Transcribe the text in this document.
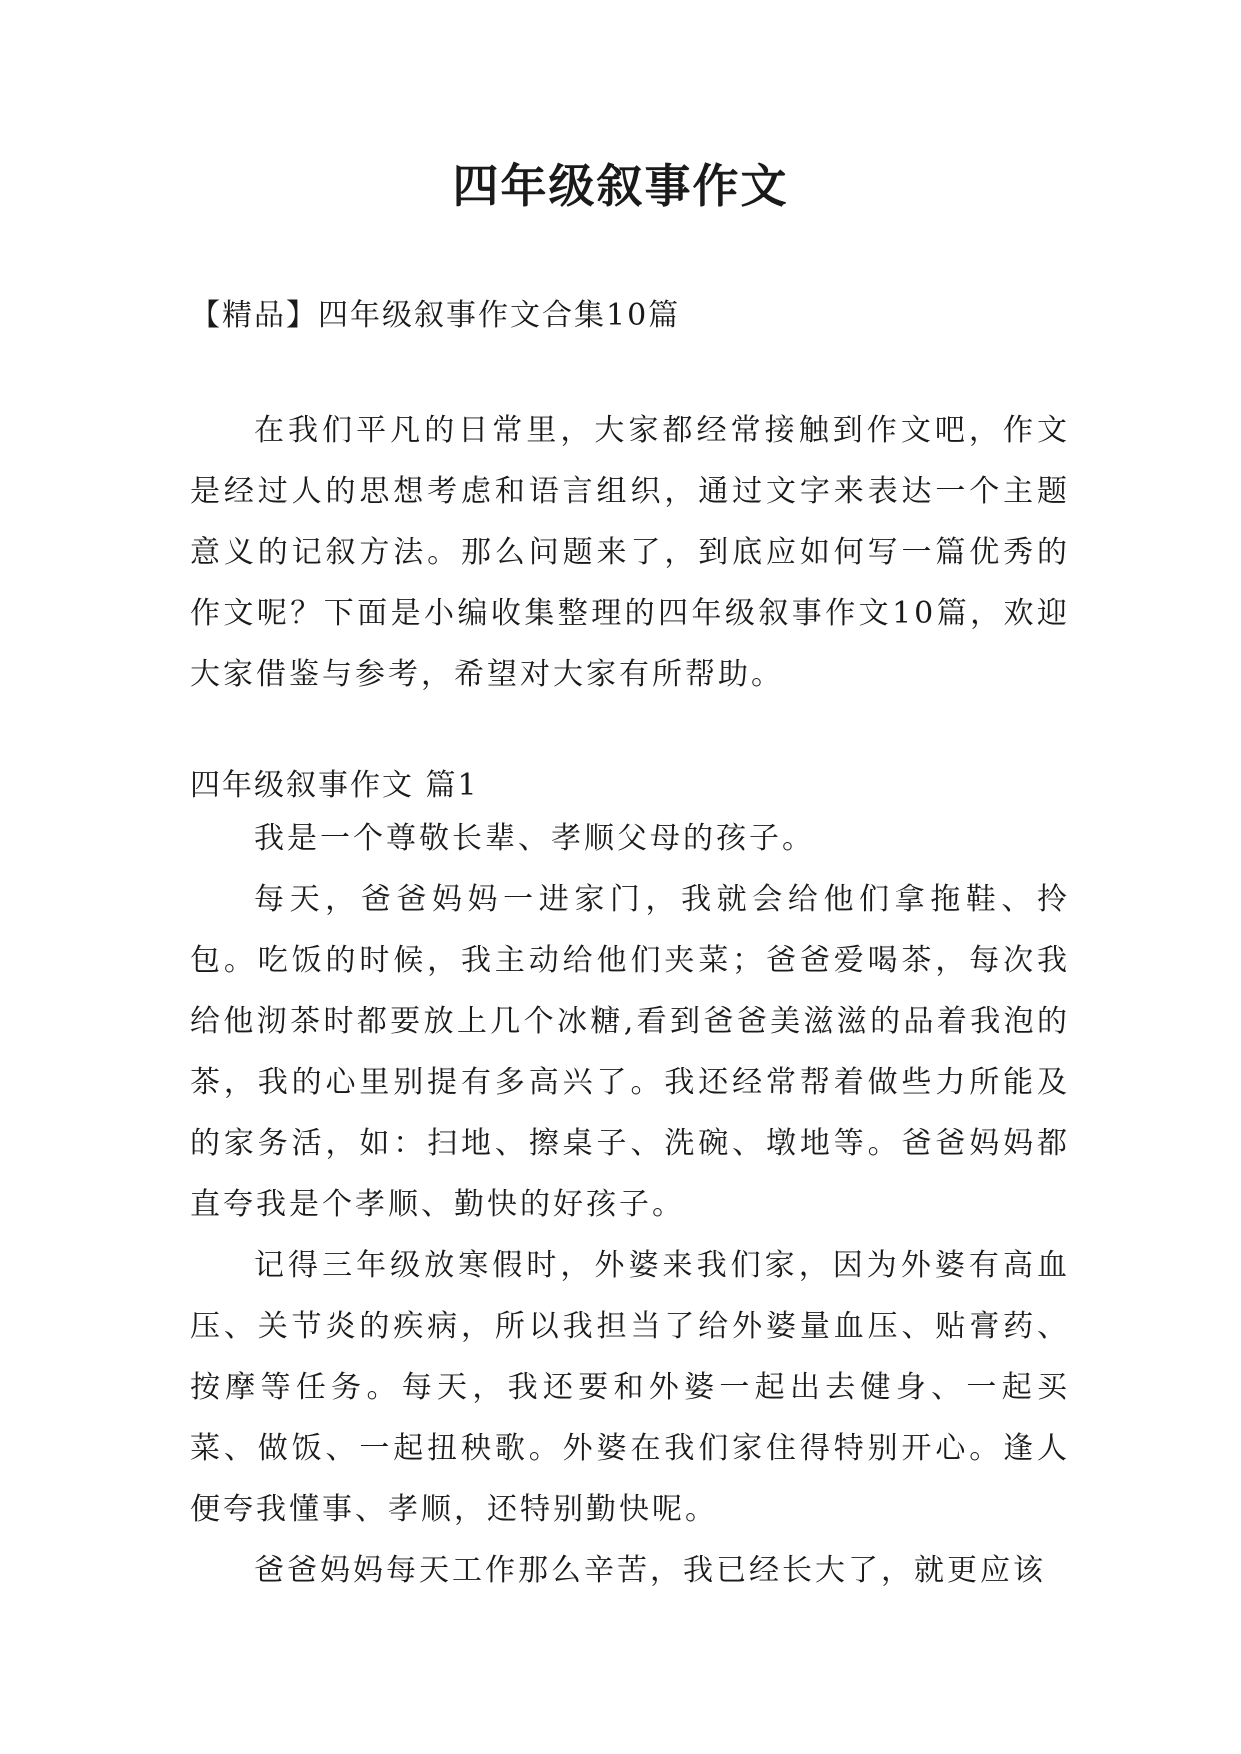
四年级叙事作文

【精品】四年级叙事作文合集10篇

在我们平凡的日常里，大家都经常接触到作文吧，作文是经过人的思想考虑和语言组织，通过文字来表达一个主题意义的记叙方法。那么问题来了，到底应如何写一篇优秀的作文呢？下面是小编收集整理的四年级叙事作文10篇，欢迎大家借鉴与参考，希望对大家有所帮助。

四年级叙事作文 篇1

我是一个尊敬长辈、孝顺父母的孩子。

每天，爸爸妈妈一进家门，我就会给他们拿拖鞋、拎包。吃饭的时候，我主动给他们夹菜；爸爸爱喝茶，每次我给他沏茶时都要放上几个冰糖,看到爸爸美滋滋的品着我泡的茶，我的心里别提有多高兴了。我还经常帮着做些力所能及的家务活，如：扫地、擦桌子、洗碗、墩地等。爸爸妈妈都直夸我是个孝顺、勤快的好孩子。

记得三年级放寒假时，外婆来我们家，因为外婆有高血压、关节炎的疾病，所以我担当了给外婆量血压、贴膏药、按摩等任务。每天，我还要和外婆一起出去健身、一起买菜、做饭、一起扭秧歌。外婆在我们家住得特别开心。逢人便夸我懂事、孝顺，还特别勤快呢。

爸爸妈妈每天工作那么辛苦，我已经长大了，就更应该
